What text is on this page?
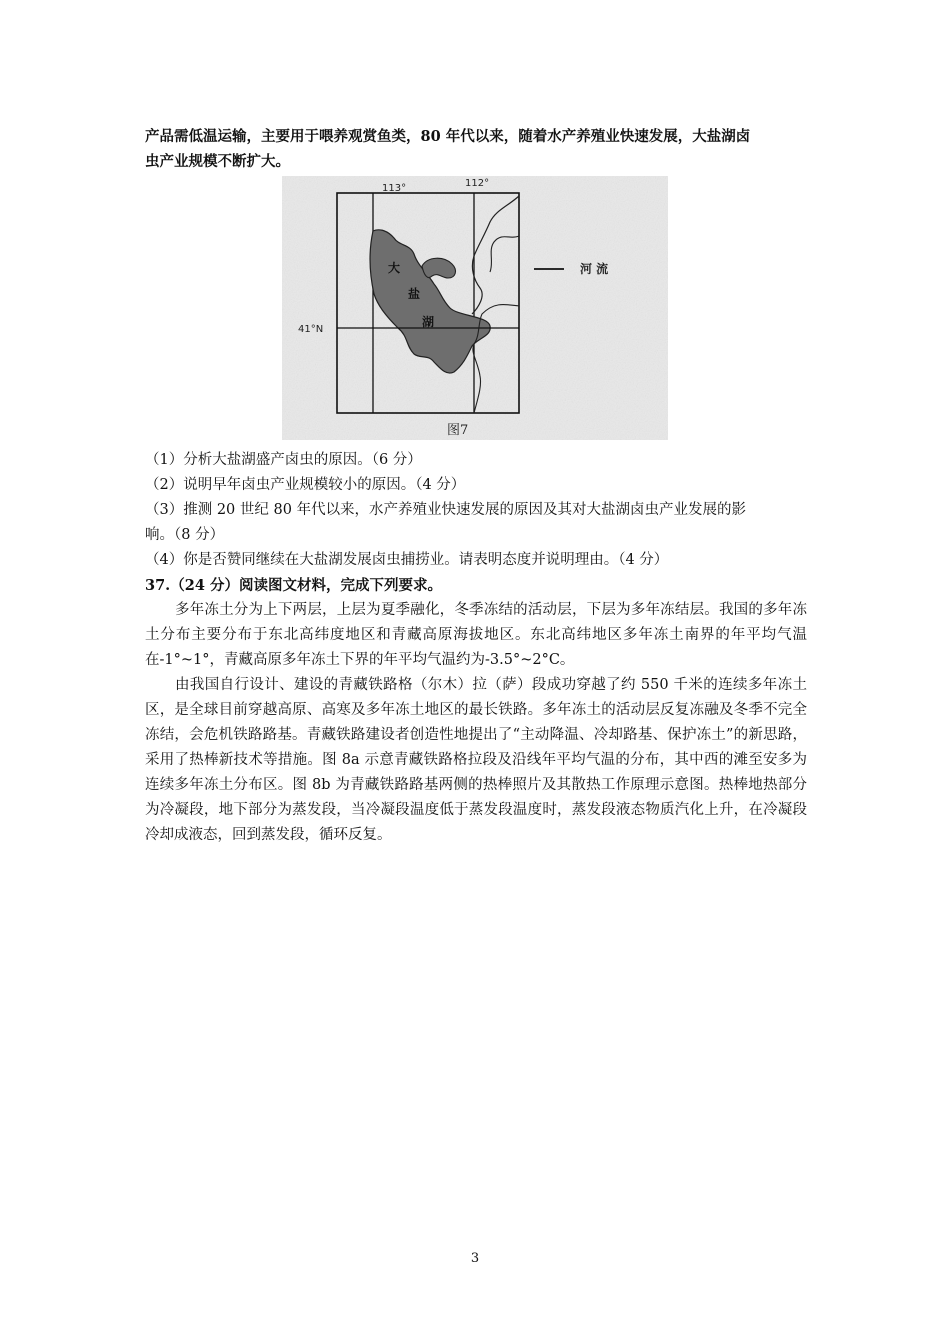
产品需低温运输，主要用于喂养观赏鱼类，80 年代以来，随着水产养殖业快速发展，大盐湖卤

虫产业规模不断扩大。

113°	112°
41°N
大
盐
湖
河 流
图7

（1）分析大盐湖盛产卤虫的原因。（6 分）

（2）说明早年卤虫产业规模较小的原因。（4 分）

（3）推测 20 世纪 80 年代以来，水产养殖业快速发展的原因及其对大盐湖卤虫产业发展的影

响。（8 分）

（4）你是否赞同继续在大盐湖发展卤虫捕捞业。请表明态度并说明理由。（4 分）

37.（24 分）阅读图文材料，完成下列要求。

多年冻土分为上下两层，上层为夏季融化，冬季冻结的活动层，下层为多年冻结层。我国的多年冻土分布主要分布于东北高纬度地区和青藏高原海拔地区。东北高纬地区多年冻土南界的年平均气温在-1°~1°，青藏高原多年冻土下界的年平均气温约为-3.5°~2°C。

由我国自行设计、建设的青藏铁路格（尔木）拉（萨）段成功穿越了约 550 千米的连续多年冻土区，是全球目前穿越高原、高寒及多年冻土地区的最长铁路。多年冻土的活动层反复冻融及冬季不完全冻结，会危机铁路路基。青藏铁路建设者创造性地提出了“主动降温、冷却路基、保护冻土”的新思路，采用了热棒新技术等措施。图 8a 示意青藏铁路格拉段及沿线年平均气温的分布，其中西的滩至安多为连续多年冻土分布区。图 8b 为青藏铁路路基两侧的热棒照片及其散热工作原理示意图。热棒地热部分为冷凝段，地下部分为蒸发段，当冷凝段温度低于蒸发段温度时，蒸发段液态物质汽化上升，在冷凝段冷却成液态，回到蒸发段，循环反复。

3
